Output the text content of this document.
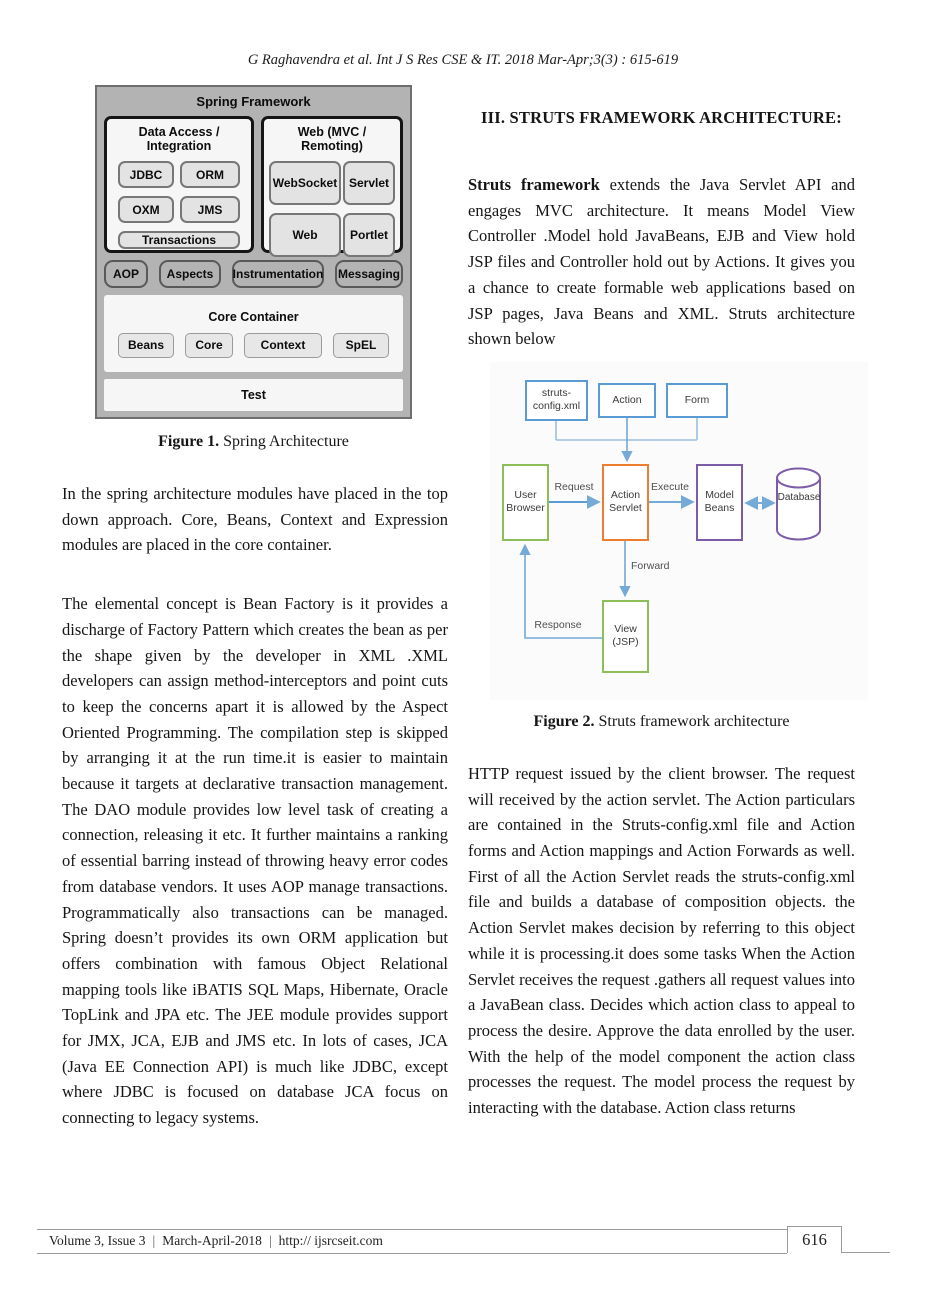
G Raghavendra et al. Int J S Res CSE & IT. 2018 Mar-Apr;3(3) : 615-619
Spring Framework
Data Access / Integration
JDBC	ORM
OXM	JMS
Transactions
Web (MVC / Remoting)
WebSocket Servlet
Web	Portlet
AOP	Aspects	Instrumentation Messaging
Core Container
Beans	Core	Context	SpEL
Test
Figure 1. Spring Architecture

In the spring architecture modules have placed in the top down approach. Core, Beans, Context and Expression modules are placed in the core container.

The elemental concept is Bean Factory is it provides a discharge of Factory Pattern which creates the bean as per the shape given by the developer in XML .XML developers can assign method-interceptors and point cuts to keep the concerns apart it is allowed by the Aspect Oriented Programming. The compilation step is skipped by arranging it at the run time.it is easier to maintain because it targets at declarative transaction management. The DAO module provides low level task of creating a connection, releasing it etc. It further maintains a ranking of essential barring instead of throwing heavy error codes from database vendors. It uses AOP manage transactions. Programmatically also transactions can be managed. Spring doesn’t provides its own ORM application but offers combination with famous Object Relational mapping tools like iBATIS SQL Maps, Hibernate, Oracle TopLink and JPA etc. The JEE module provides support for JMX, JCA, EJB and JMS etc. In lots of cases, JCA (Java EE Connection API) is much like JDBC, except where JDBC is focused on database JCA focus on connecting to legacy systems.

III. STRUTS FRAMEWORK ARCHITECTURE:

Struts framework extends the Java Servlet API and engages MVC architecture. It means Model View Controller .Model hold JavaBeans, EJB and View hold JSP files and Controller hold out by Actions. It gives you a chance to create formable web applications based on JSP pages, Java Beans and XML. Struts architecture shown below

struts-config.xml
Action	Form
User Browser
Action Servlet
Model Beans
Database
View (JSP)
Request	Execute
Forward
Response
Figure 2. Struts framework architecture

HTTP request issued by the client browser. The request will received by the action servlet. The Action particulars are contained in the Struts-config.xml file and Action forms and Action mappings and Action Forwards as well. First of all the Action Servlet reads the struts-config.xml file and builds a database of composition objects. the Action Servlet makes decision by referring to this object while it is processing.it does some tasks When the Action Servlet receives the request .gathers all request values into a JavaBean class. Decides which action class to appeal to process the desire. Approve the data enrolled by the user. With the help of the model component the action class processes the request. The model process the request by interacting with the database. Action class returns

Volume 3, Issue 3 | March-April-2018 | http:// ijsrcseit.com	616
